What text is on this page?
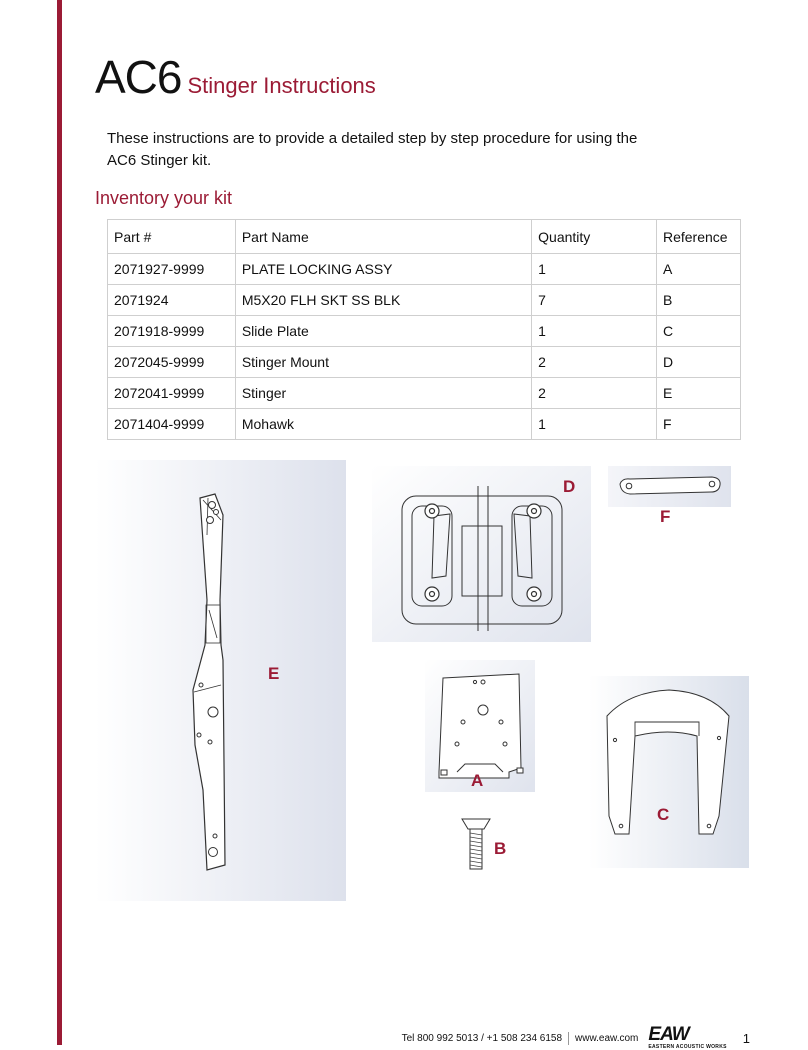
AC6 Stinger Instructions
These instructions are to provide a detailed step by step procedure for using the AC6 Stinger kit.
Inventory your kit
Part #	Part Name	Quantity	Reference
2071927-9999	PLATE LOCKING ASSY	1	A
2071924	M5X20 FLH SKT SS BLK	7	B
2071918-9999	Slide Plate	1	C
2072045-9999	Stinger Mount	2	D
2072041-9999	Stinger	2	E
2071404-9999	Mohawk	1	F
E
D
F
A
B
C
Tel 800 992 5013 / +1 508 234 6158 www.eaw.com EAW
EASTERN ACOUSTIC WORKS
1
